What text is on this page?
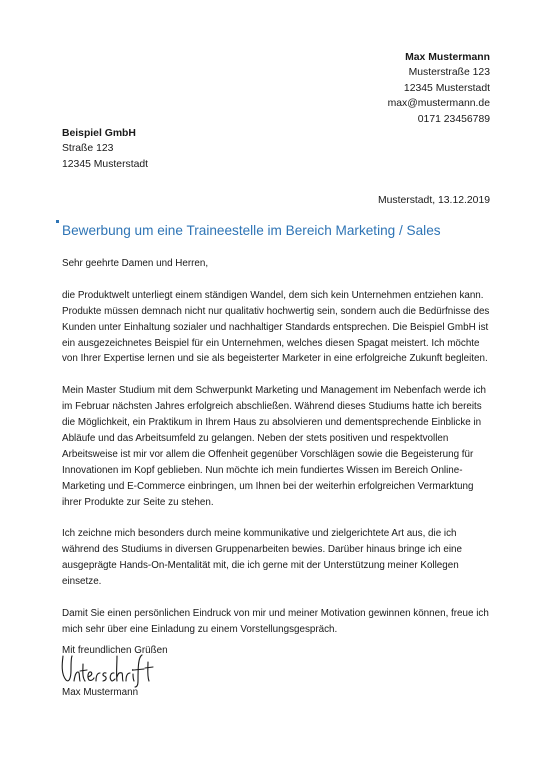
Max Mustermann
Musterstraße 123
12345 Musterstadt
max@mustermann.de
0171 23456789
Beispiel GmbH
Straße 123
12345 Musterstadt
Musterstadt, 13.12.2019
Bewerbung um eine Traineestelle im Bereich Marketing / Sales

Sehr geehrte Damen und Herren,

die Produktwelt unterliegt einem ständigen Wandel, dem sich kein Unternehmen entziehen kann. Produkte müssen demnach nicht nur qualitativ hochwertig sein, sondern auch die Bedürfnisse des Kunden unter Einhaltung sozialer und nachhaltiger Standards entsprechen. Die Beispiel GmbH ist ein ausgezeichnetes Beispiel für ein Unternehmen, welches diesen Spagat meistert. Ich möchte von Ihrer Expertise lernen und sie als begeisterter Marketer in eine erfolgreiche Zukunft begleiten.

Mein Master Studium mit dem Schwerpunkt Marketing und Management im Nebenfach werde ich im Februar nächsten Jahres erfolgreich abschließen. Während dieses Studiums hatte ich bereits die Möglichkeit, ein Praktikum in Ihrem Haus zu absolvieren und dementsprechende Einblicke in Abläufe und das Arbeitsumfeld zu gelangen. Neben der stets positiven und respektvollen Arbeitsweise ist mir vor allem die Offenheit gegenüber Vorschlägen sowie die Begeisterung für Innovationen im Kopf geblieben. Nun möchte ich mein fundiertes Wissen im Bereich Online-Marketing und E-Commerce einbringen, um Ihnen bei der weiterhin erfolgreichen Vermarktung ihrer Produkte zur Seite zu stehen.

Ich zeichne mich besonders durch meine kommunikative und zielgerichtete Art aus, die ich während des Studiums in diversen Gruppenarbeiten bewies. Darüber hinaus bringe ich eine ausgeprägte Hands-On-Mentalität mit, die ich gerne mit der Unterstützung meiner Kollegen einsetze.

Damit Sie einen persönlichen Eindruck von mir und meiner Motivation gewinnen können, freue ich mich sehr über eine Einladung zu einem Vorstellungsgespräch.

Mit freundlichen Grüßen
Max Mustermann
